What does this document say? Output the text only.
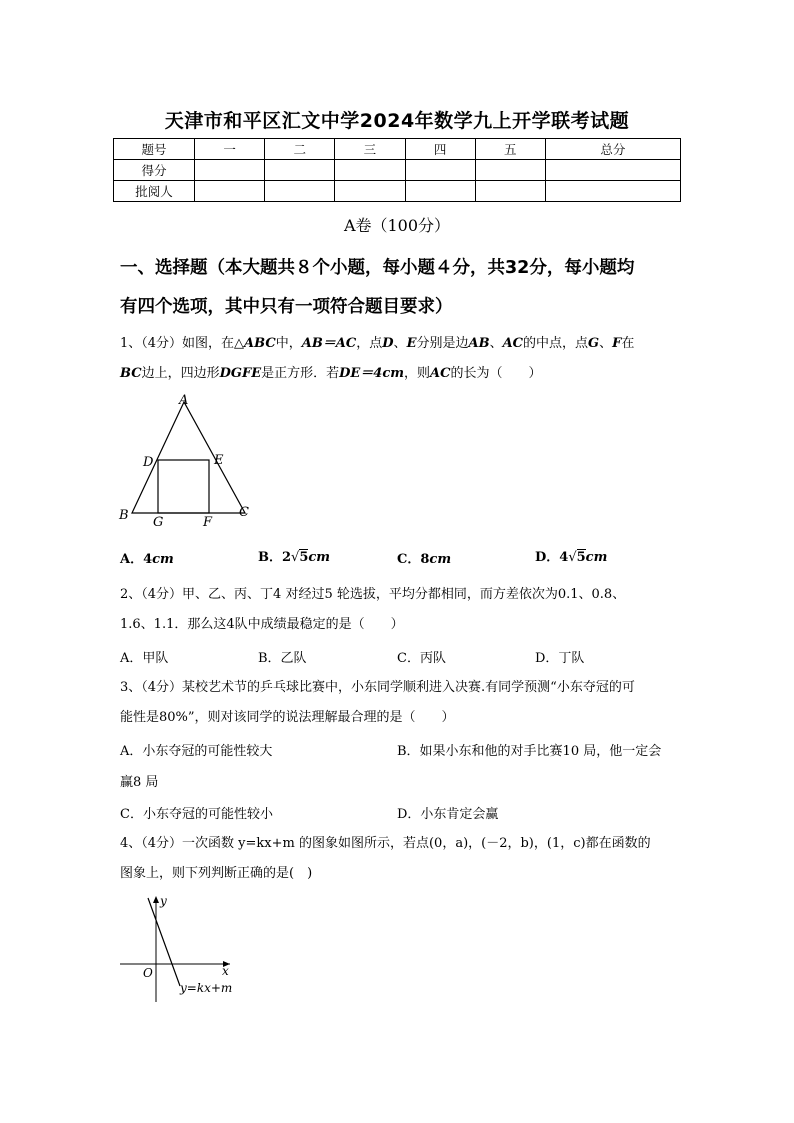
天津市和平区汇文中学2024年数学九上开学联考试题
题号	一	二	三	四	五	总分
得分						
批阅人						
A卷（100分）
一、选择题（本大题共８个小题，每小题４分，共32分，每小题均
有四个选项，其中只有一项符合题目要求）
1、（4分）如图，在△ABC中，AB＝AC，点D、E分别是边AB、AC的中点，点G、F在
BC边上，四边形DGFE是正方形．若DE＝4cm，则AC的长为（　　）
A
D	E
B G	F
C
A．4cm	B．2√5cm	C．8cm	D．4√5cm
2、（4分）甲、乙、丙、丁4 对经过5 轮选拔，平均分都相同，而方差依次为0.1、0.8、
1.6、1.1．那么这4队中成绩最稳定的是（　　）
A．甲队	B．乙队	C．丙队	D．丁队
3、（4分）某校艺术节的乒乓球比赛中，小东同学顺利进入决赛.有同学预测“小东夺冠的可
能性是80%”，则对该同学的说法理解最合理的是（　　）
A．小东夺冠的可能性较大	B．如果小东和他的对手比赛10 局，他一定会
赢8 局
C．小东夺冠的可能性较小	D．小东肯定会赢
4、（4分）一次函数 y=kx+m 的图象如图所示，若点(0，a)，(－2，b)，(1，c)都在函数的
图象上，则下列判断正确的是(　)
y
x
O
y=kx+m
